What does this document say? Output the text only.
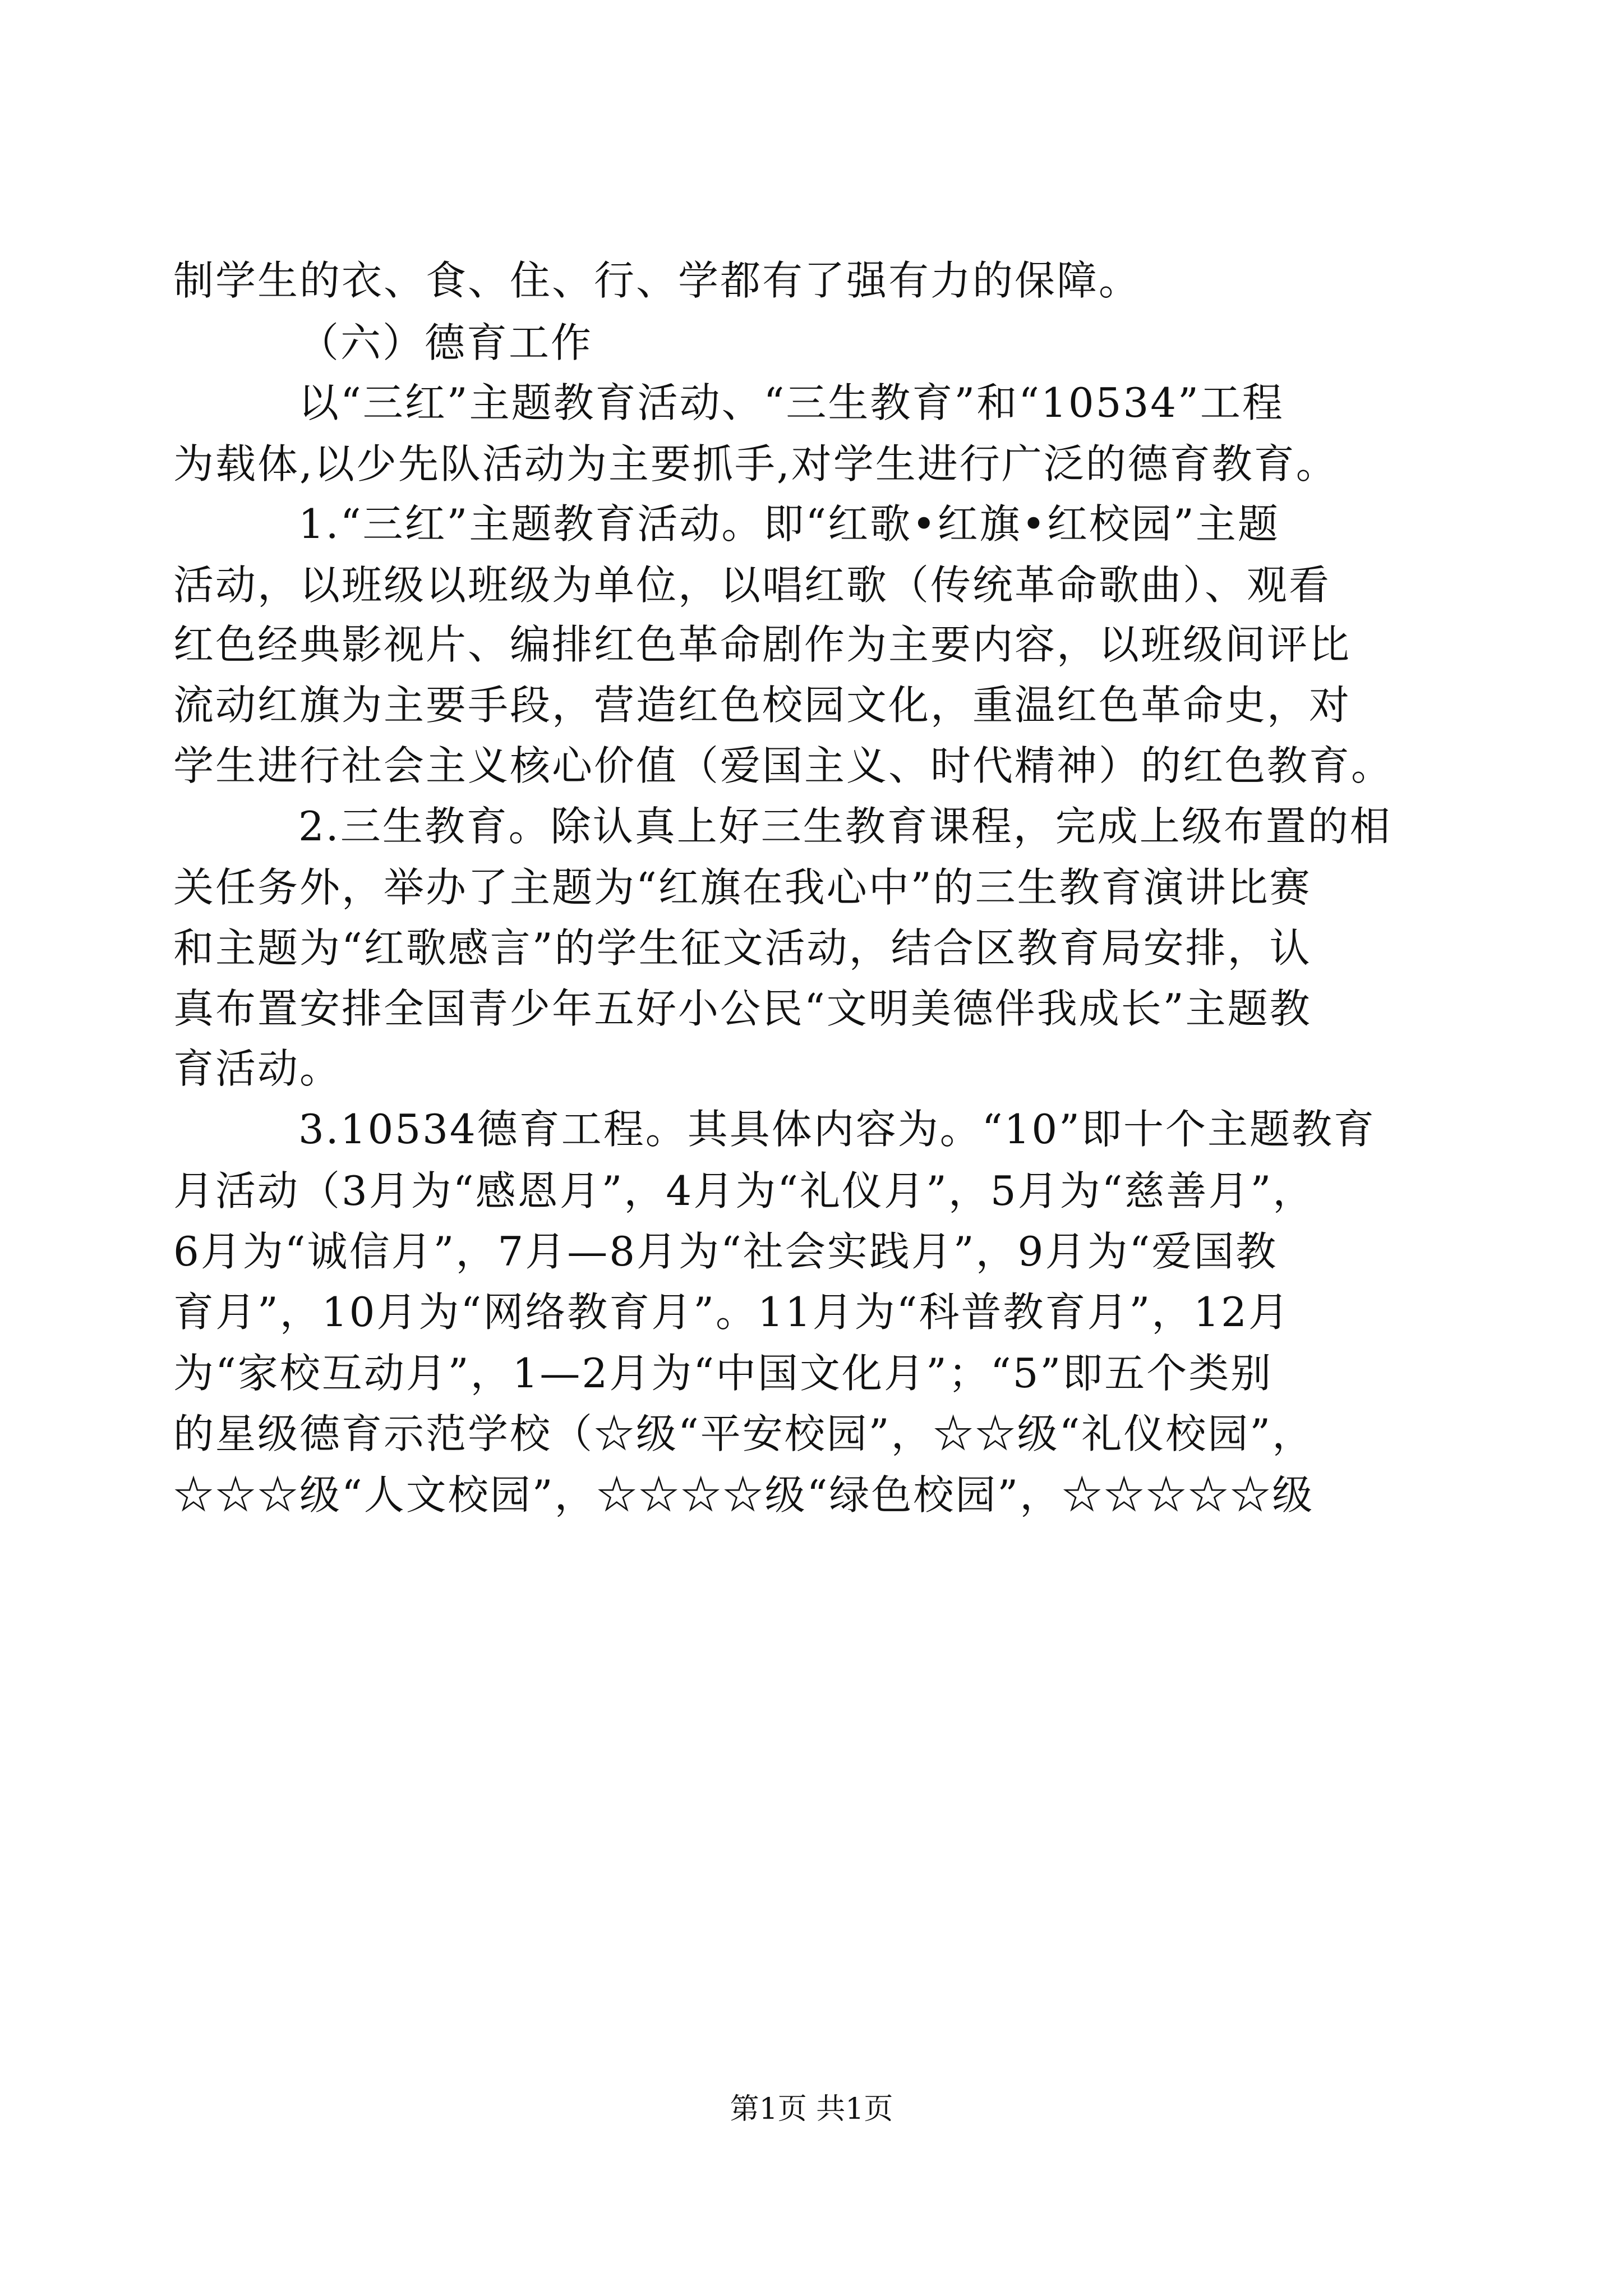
制学生的衣、食、住、行、学都有了强有力的保障。
（六）德育工作
以“三红”主题教育活动、“三生教育”和“10534”工程
为载体,以少先队活动为主要抓手,对学生进行广泛的德育教育。
1.“三红”主题教育活动。即“红歌•红旗•红校园”主题
活动，以班级以班级为单位，以唱红歌（传统革命歌曲）、观看
红色经典影视片、编排红色革命剧作为主要内容，以班级间评比
流动红旗为主要手段，营造红色校园文化，重温红色革命史，对
学生进行社会主义核心价值（爱国主义、时代精神）的红色教育。
2.三生教育。除认真上好三生教育课程，完成上级布置的相
关任务外，举办了主题为“红旗在我心中”的三生教育演讲比赛
和主题为“红歌感言”的学生征文活动，结合区教育局安排，认
真布置安排全国青少年五好小公民“文明美德伴我成长”主题教
育活动。
3.10534德育工程。其具体内容为。“10”即十个主题教育
月活动（3月为“感恩月”，4月为“礼仪月”，5月为“慈善月”，
6月为“诚信月”，7月—8月为“社会实践月”，9月为“爱国教
育月”，10月为“网络教育月”。11月为“科普教育月”，12月
为“家校互动月”，1—2月为“中国文化月”；“5”即五个类别
的星级德育示范学校（☆级“平安校园”，☆☆级“礼仪校园”，
☆☆☆级“人文校园”，☆☆☆☆级“绿色校园”，☆☆☆☆☆级
第1页 共1页
